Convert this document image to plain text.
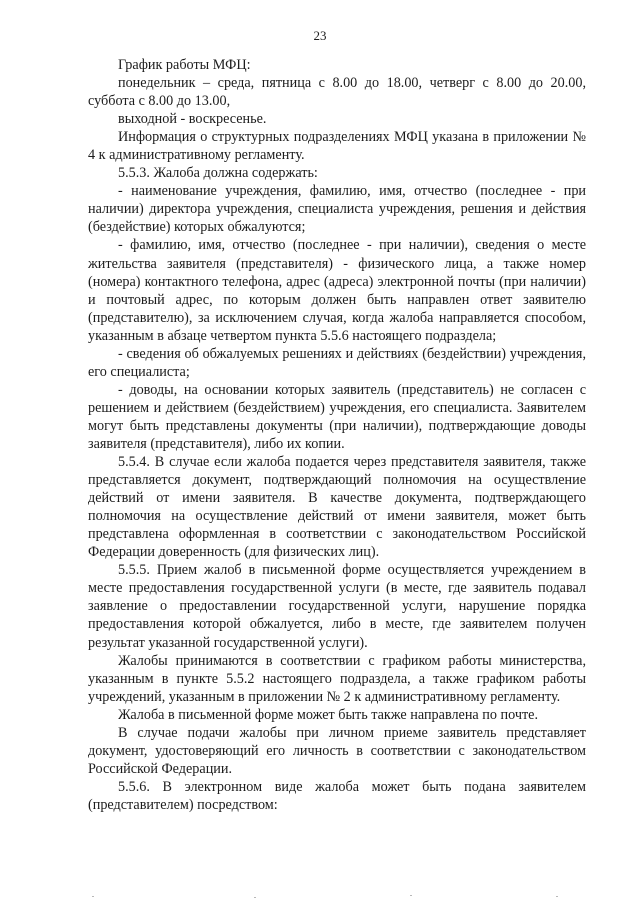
23

График работы МФЦ:

понедельник – среда, пятница с 8.00 до 18.00, четверг с 8.00 до 20.00, суббота с 8.00 до 13.00,

выходной - воскресенье.

Информация о структурных подразделениях МФЦ указана в приложении № 4 к административному регламенту.

5.5.3. Жалоба должна содержать:

- наименование учреждения, фамилию, имя, отчество (последнее - при наличии) директора учреждения, специалиста учреждения, решения и действия (бездействие) которых обжалуются;

- фамилию, имя, отчество (последнее - при наличии), сведения о месте жительства заявителя (представителя) - физического лица, а также номер (номера) контактного телефона, адрес (адреса) электронной почты (при наличии) и почтовый адрес, по которым должен быть направлен ответ заявителю (представителю), за исключением случая, когда жалоба направляется способом, указанным в абзаце четвертом пункта 5.5.6 настоящего подраздела;

- сведения об обжалуемых решениях и действиях (бездействии) учреждения, его специалиста;

- доводы, на основании которых заявитель (представитель) не согласен с решением и действием (бездействием) учреждения, его специалиста. Заявителем могут быть представлены документы (при наличии), подтверждающие доводы заявителя (представителя), либо их копии.

5.5.4. В случае если жалоба подается через представителя заявителя, также представляется документ, подтверждающий полномочия на осуществление действий от имени заявителя. В качестве документа, подтверждающего полномочия на осуществление действий от имени заявителя, может быть представлена оформленная в соответствии с законодательством Российской Федерации доверенность (для физических лиц).

5.5.5. Прием жалоб в письменной форме осуществляется учреждением в месте предоставления государственной услуги (в месте, где заявитель подавал заявление о предоставлении государственной услуги, нарушение порядка предоставления которой обжалуется, либо в месте, где заявителем получен результат указанной государственной услуги).

Жалобы принимаются в соответствии с графиком работы министерства, указанным в пункте 5.5.2 настоящего подраздела, а также графиком работы учреждений, указанным в приложении № 2 к административному регламенту.

Жалоба в письменной форме может быть также направлена по почте.

В случае подачи жалобы при личном приеме заявитель представляет документ, удостоверяющий его личность в соответствии с законодательством Российской Федерации.

5.5.6. В электронном виде жалоба может быть подана заявителем (представителем) посредством:
